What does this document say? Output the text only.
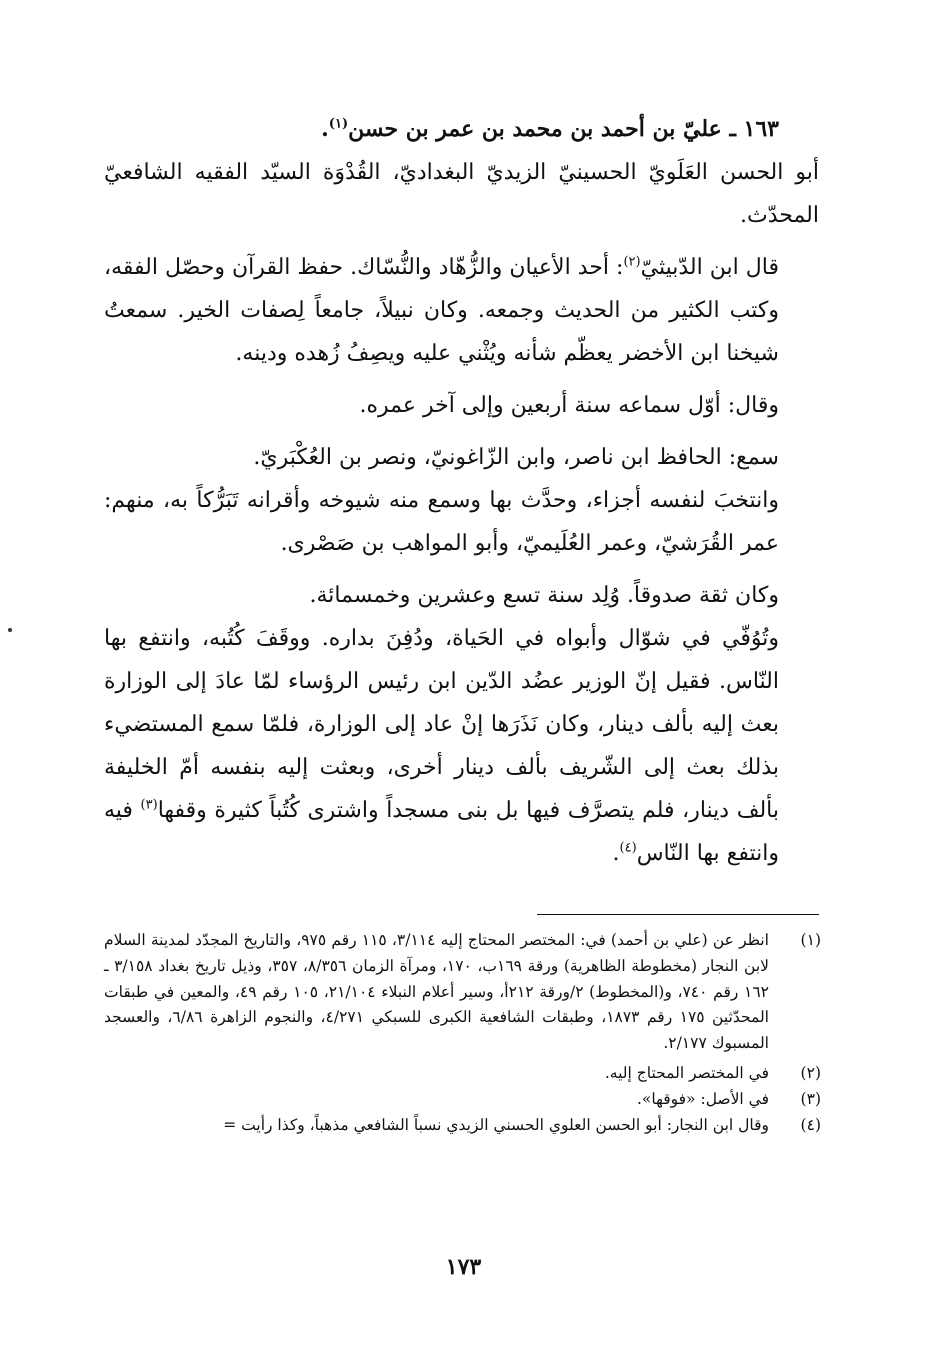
١٦٣ ـ عليّ بن أحمد بن محمد بن عمر بن حسن$^{(١)}$.

أبو الحسن العَلَويّ الحسينيّ الزيديّ البغداديّ، القُدْوَة السيّد الفقيه الشافعيّ المحدّث.

قال ابن الدّبيثيّ$^{(٢)}$: أحد الأعيان والزُّهّاد والنُّسّاك. حفظ القرآن وحصّل الفقه، وكتب الكثير من الحديث وجمعه. وكان نبيلاً، جامعاً لِصفات الخير. سمعتُ شيخنا ابن الأخضر يعظّم شأنه ويُثْني عليه ويصِفُ زُهده ودينه.

وقال: أوّل سماعه سنة أربعين وإلى آخر عمره.

سمع: الحافظ ابن ناصر، وابن الزّاغونيّ، ونصر بن العُكْبَريّ.

وانتخبَ لنفسه أجزاء، وحدَّث بها وسمع منه شيوخه وأقرانه تَبَرُّكاً به، منهم: عمر القُرَشيّ، وعمر العُلَيميّ، وأبو المواهب بن صَصْرى.

وكان ثقة صدوقاً. وُلِد سنة تسع وعشرين وخمسمائة.

وتُوُفّي في شوّال وأبواه في الحَياة، ودُفِنَ بداره. ووقَفَ كُتُبه، وانتفع بها النّاس. فقيل إنّ الوزير عضُد الدّين ابن رئيس الرؤساء لمّا عادَ إلى الوزارة بعث إليه بألف دينار، وكان نَذَرَها إنْ عاد إلى الوزارة، فلمّا سمع المستضيء بذلك بعث إلى الشّريف بألف دينار أخرى، وبعثت إليه بنفسه أمّ الخليفة بألف دينار، فلم يتصرَّف فيها بل بنى مسجداً واشترى كُتُباً كثيرة وقفها$^{(٣)}$ فيه وانتفع بها النّاس$^{(٤)}$.

(١)
انظر عن (علي بن أحمد) في: المختصر المحتاج إليه ٣/١١٤، ١١٥ رقم ٩٧٥، والتاريخ المجدّد لمدينة السلام لابن النجار (مخطوطة الظاهرية) ورقة ١٦٩ب، ١٧٠، ومرآة الزمان ٨/٣٥٦، ٣٥٧، وذيل تاريخ بغداد ٣/١٥٨ ـ ١٦٢ رقم ٧٤٠، و(المخطوط) ٢/ورقة ٢١٢أ، وسير أعلام النبلاء ٢١/١٠٤، ١٠٥ رقم ٤٩، والمعين في طبقات المحدّثين ١٧٥ رقم ١٨٧٣، وطبقات الشافعية الكبرى للسبكي ٤/٢٧١، والنجوم الزاهرة ٦/٨٦، والعسجد المسبوك ٢/١٧٧.

(٢)
في المختصر المحتاج إليه.

(٣)
في الأصل: «فوقها».

(٤)
وقال ابن النجار: أبو الحسن العلوي الحسني الزيدي نسباً الشافعي مذهباً، وكذا رأيت =

١٧٣
